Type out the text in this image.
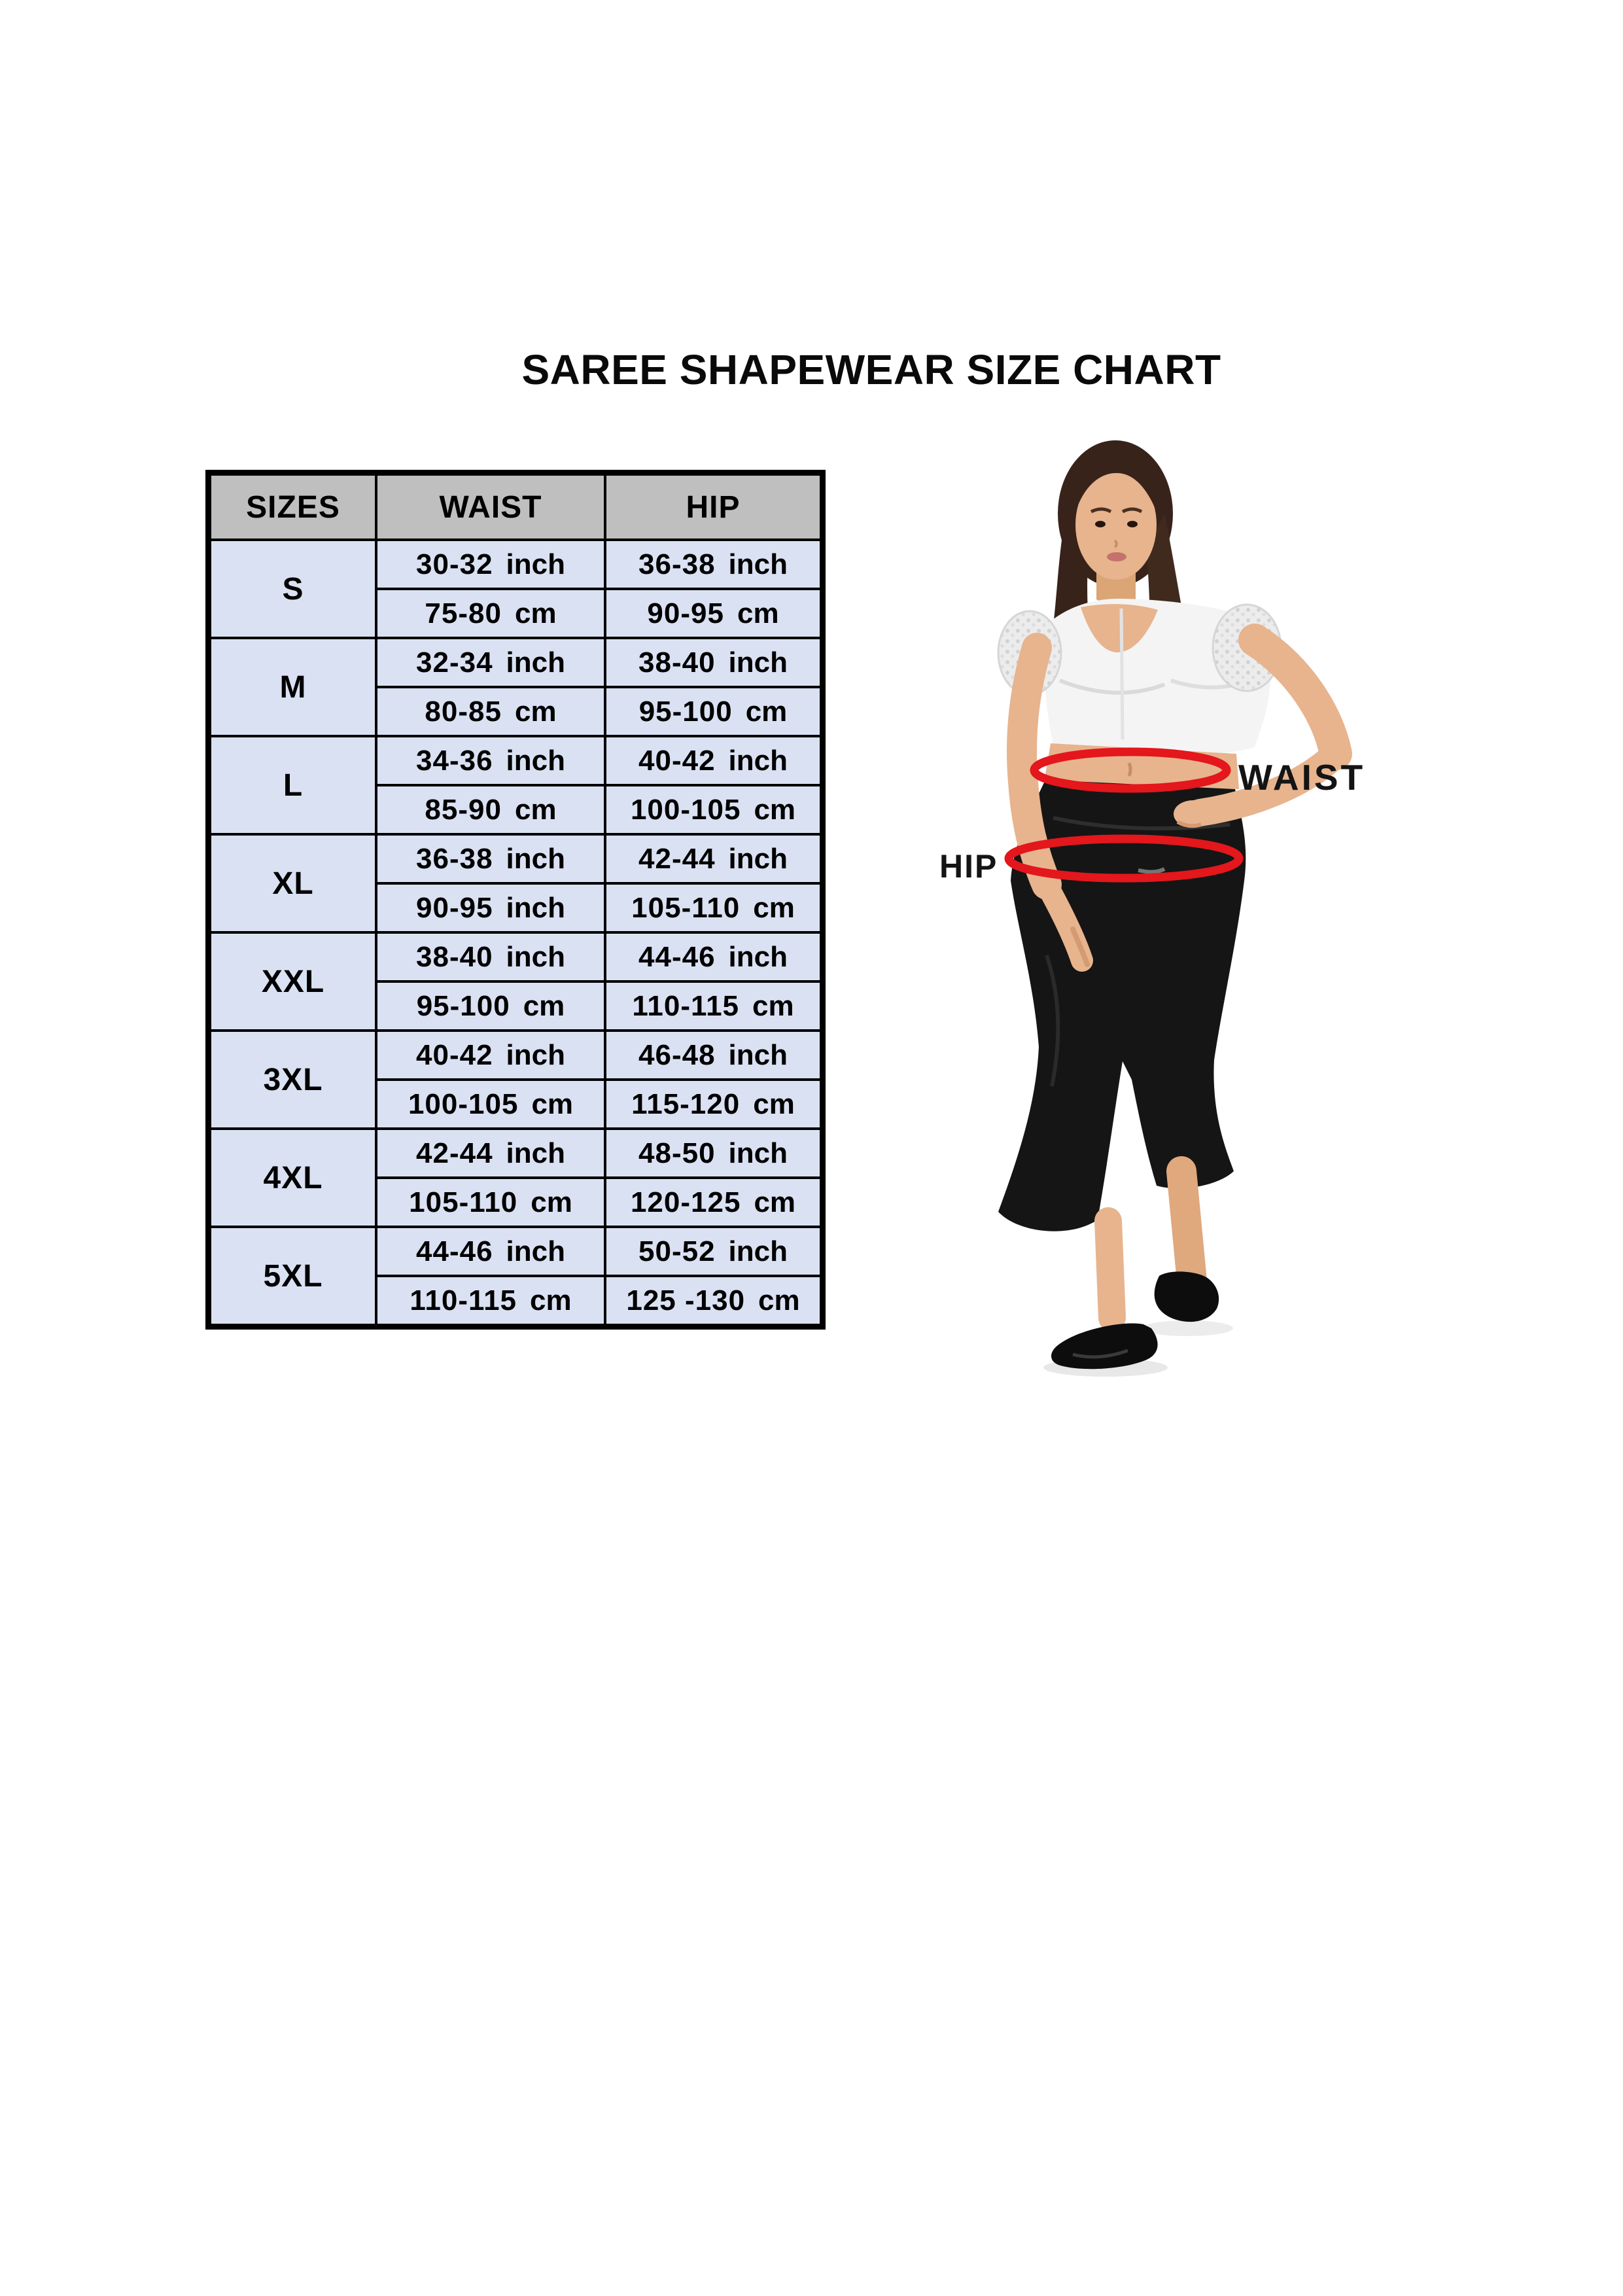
SAREE SHAPEWEAR SIZE CHART
SIZES	WAIST	HIP
S
30-32 inch	36-38 inch
75-80 cm	90-95 cm
M
32-34 inch	38-40 inch
80-85 cm	95-100 cm
L
34-36 inch	40-42 inch
85-90 cm	100-105 cm
XL
36-38 inch	42-44 inch
90-95 inch 105-110 cm
XXL
38-40 inch	44-46 inch
95-100 cm 110-115 cm
3XL
40-42 inch	46-48 inch
100-105 cm 115-120 cm
4XL
42-44 inch	48-50 inch
105-110 cm 120-125 cm
5XL
44-46 inch	50-52 inch
110-115 cm 125 -130 cm
WAIST
HIP
